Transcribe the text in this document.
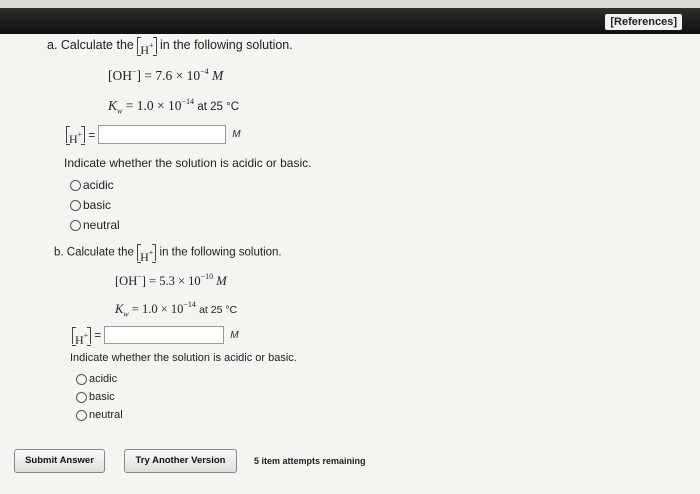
[References]
a. Calculate the H+ in the following solution.
$[OH^-] = 7.6 \times 10^{-4}$ M
$K_w = 1.0 \times 10^{-14}$ at 25 °C
H+ =	M
Indicate whether the solution is acidic or basic.
acidic
basic
neutral
b. Calculate the H+ in the following solution.
$[OH^-] = 5.3 \times 10^{-10}$ M
$K_w = 1.0 \times 10^{-14}$ at 25 °C
H+ =	M
Indicate whether the solution is acidic or basic.
acidic
basic
neutral
Submit Answer	Try Another Version	5 item attempts remaining
